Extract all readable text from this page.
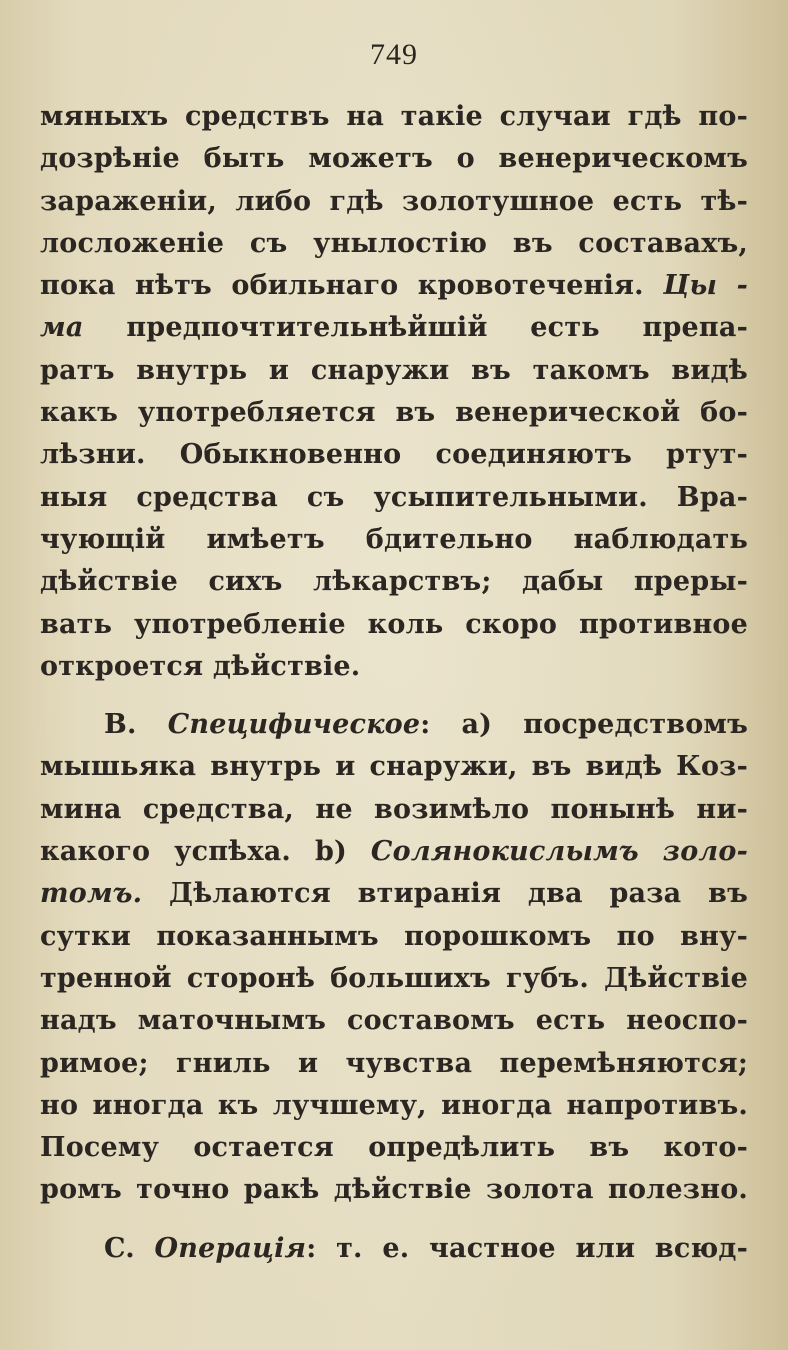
749
мяныхъ средствъ на такіе случаи гдѣ по-
дозрѣніе быть можетъ о венерическомъ
зараженіи, либо гдѣ золотушное есть тѣ-
лосложеніе съ унылостію въ составахъ,
пока нѣтъ обильнаго кровотеченія. Цы -
ма предпочтительнѣйшій есть препа-
ратъ внутрь и снаружи въ такомъ видѣ
какъ употребляется въ венерической бо-
лѣзни. Обыкновенно соединяютъ ртут-
ныя средства съ усыпительными. Вра-
чующій имѣетъ бдительно наблюдать
дѣйствіе сихъ лѣкарствъ; дабы преры-
вать употребленіе коль скоро противное
откроется дѣйствіе.
B. Специфическое: а) посредствомъ
мышьяка внутрь и снаружи, въ видѣ Коз-
мина средства, не возимѣло понынѣ ни-
какого успѣха. b) Солянокислымъ золо-
томъ. Дѣлаются втиранія два раза въ
сутки показаннымъ порошкомъ по вну-
тренной сторонѣ большихъ губъ. Дѣйствіе
надъ маточнымъ составомъ есть неоспо-
римое; гниль и чувства перемѣняются;
но иногда къ лучшему, иногда напротивъ.
Посему остается опредѣлить въ кото-
ромъ точно ракѣ дѣйствіе золота полезно.
C. Операція: т. е. частное или всюд-
